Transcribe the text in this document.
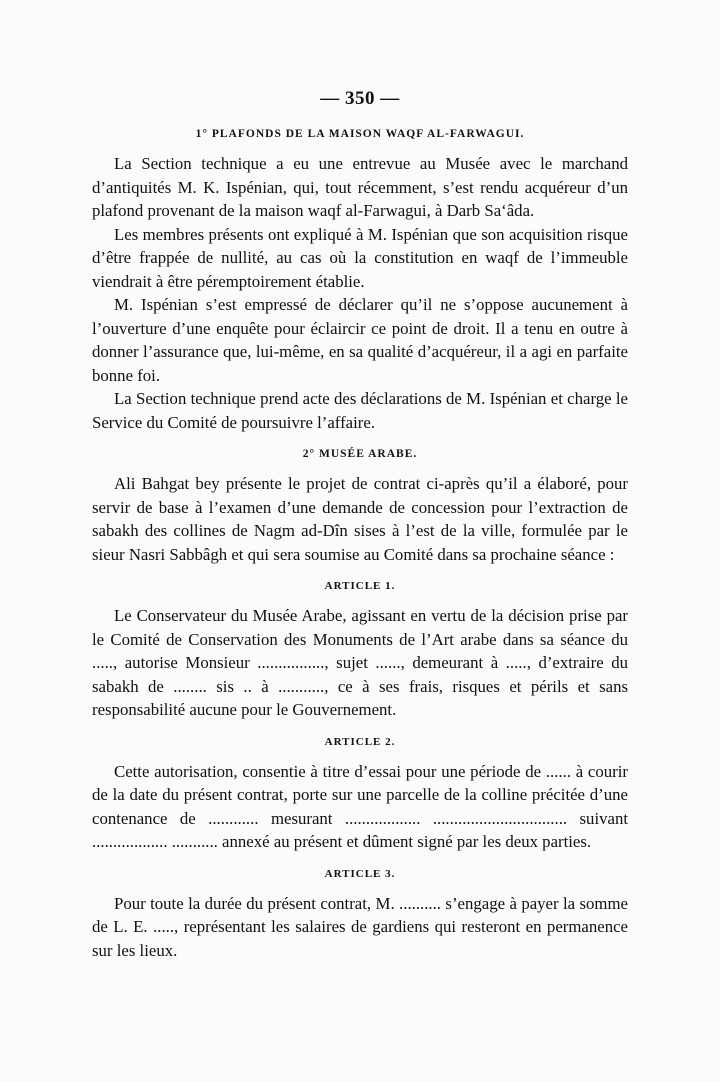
— 350 —
1° PLAFONDS DE LA MAISON WAQF AL-FARWAGUI.

La Section technique a eu une entrevue au Musée avec le marchand d’antiquités M. K. Ispénian, qui, tout récemment, s’est rendu acquéreur d’un plafond provenant de la maison waqf al-Farwagui, à Darb Sa‘âda.

Les membres présents ont expliqué à M. Ispénian que son acquisition risque d’être frappée de nullité, au cas où la constitution en waqf de l’immeuble viendrait à être péremptoirement établie.

M. Ispénian s’est empressé de déclarer qu’il ne s’oppose aucunement à l’ouverture d’une enquête pour éclaircir ce point de droit. Il a tenu en outre à donner l’assurance que, lui-même, en sa qualité d’acquéreur, il a agi en parfaite bonne foi.

La Section technique prend acte des déclarations de M. Ispénian et charge le Service du Comité de poursuivre l’affaire.

2° MUSÉE ARABE.

Ali Bahgat bey présente le projet de contrat ci-après qu’il a élaboré, pour servir de base à l’examen d’une demande de concession pour l’extraction de sabakh des collines de Nagm ad-Dîn sises à l’est de la ville, formulée par le sieur Nasri Sabbâgh et qui sera soumise au Comité dans sa prochaine séance :

ARTICLE 1.

Le Conservateur du Musée Arabe, agissant en vertu de la décision prise par le Comité de Conservation des Monuments de l’Art arabe dans sa séance du ....., autorise Monsieur ................, sujet ......, demeurant à ....., d’extraire du sabakh de ........ sis .. à ..........., ce à ses frais, risques et périls et sans responsabilité aucune pour le Gouvernement.

ARTICLE 2.

Cette autorisation, consentie à titre d’essai pour une période de ...... à courir de la date du présent contrat, porte sur une parcelle de la colline précitée d’une contenance de ............ mesurant .................. ................................ suivant .................. ........... annexé au présent et dûment signé par les deux parties.

ARTICLE 3.

Pour toute la durée du présent contrat, M. .......... s’engage à payer la somme de L. E. ....., représentant les salaires de gardiens qui resteront en permanence sur les lieux.
